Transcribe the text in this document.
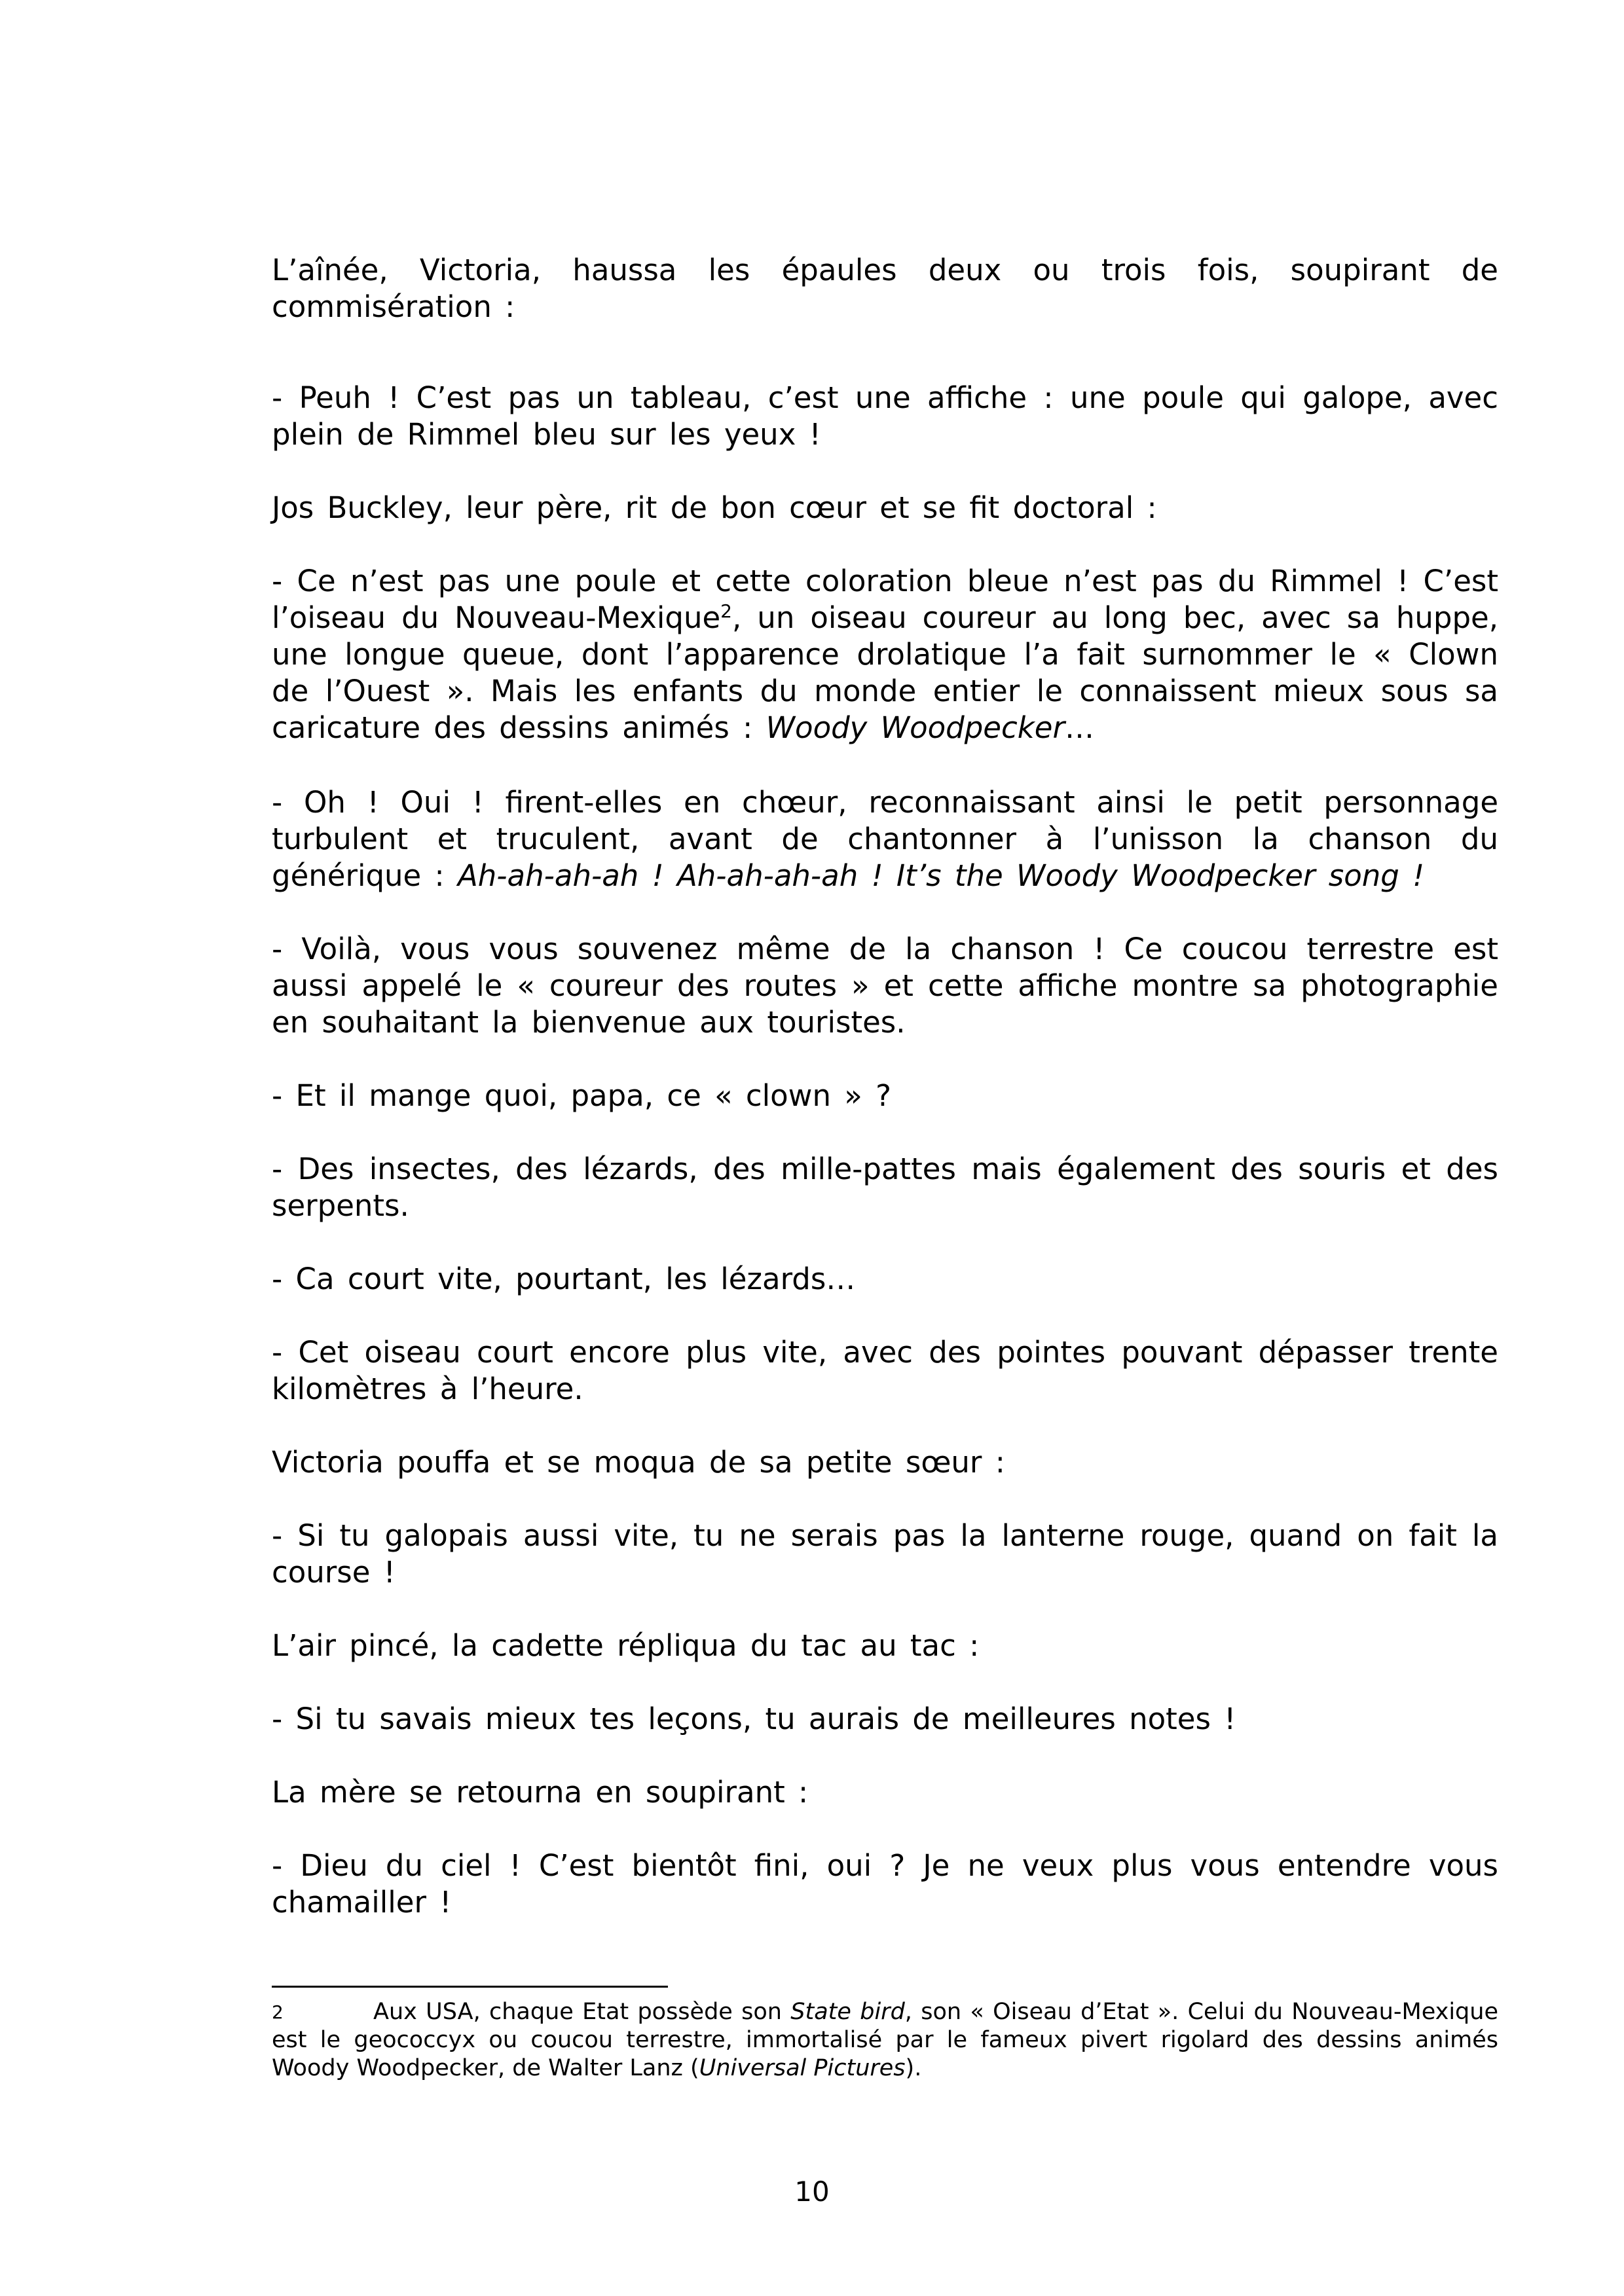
L’aînée, Victoria, haussa les épaules deux ou trois fois, soupirant de commisération :

- Peuh ! C’est pas un tableau, c’est une affiche : une poule qui galope, avec plein de Rimmel bleu sur les yeux !

Jos Buckley, leur père, rit de bon cœur et se fit doctoral :

- Ce n’est pas une poule et cette coloration bleue n’est pas du Rimmel ! C’est l’oiseau du Nouveau-Mexique$^2$, un oiseau coureur au long bec, avec sa huppe, une longue queue, dont l’apparence drolatique l’a fait surnommer le « Clown de l’Ouest ». Mais les enfants du monde entier le connaissent mieux sous sa caricature des dessins animés : Woody Woodpecker…

- Oh ! Oui ! firent-elles en chœur, reconnaissant ainsi le petit personnage turbulent et truculent, avant de chantonner à l’unisson la chanson du générique : Ah-ah-ah-ah ! Ah-ah-ah-ah ! It’s the Woody Woodpecker song !

- Voilà, vous vous souvenez même de la chanson ! Ce coucou terrestre est aussi appelé le « coureur des routes » et cette affiche montre sa photographie en souhaitant la bienvenue aux touristes.

- Et il mange quoi, papa, ce « clown » ?

- Des insectes, des lézards, des mille-pattes mais également des souris et des serpents.

- Ca court vite, pourtant, les lézards…

- Cet oiseau court encore plus vite, avec des pointes pouvant dépasser trente kilomètres à l’heure.

Victoria pouffa et se moqua de sa petite sœur :

- Si tu galopais aussi vite, tu ne serais pas la lanterne rouge, quand on fait la course !

L’air pincé, la cadette répliqua du tac au tac :

- Si tu savais mieux tes leçons, tu aurais de meilleures notes !

La mère se retourna en soupirant :

- Dieu du ciel ! C’est bientôt fini, oui ? Je ne veux plus vous entendre vous chamailler !

2	Aux USA, chaque Etat possède son State bird, son « Oiseau d’Etat ». Celui du Nouveau-Mexique est le geococcyx ou coucou terrestre, immortalisé par le fameux pivert rigolard des dessins animés Woody Woodpecker, de Walter Lanz (Universal Pictures).
10
